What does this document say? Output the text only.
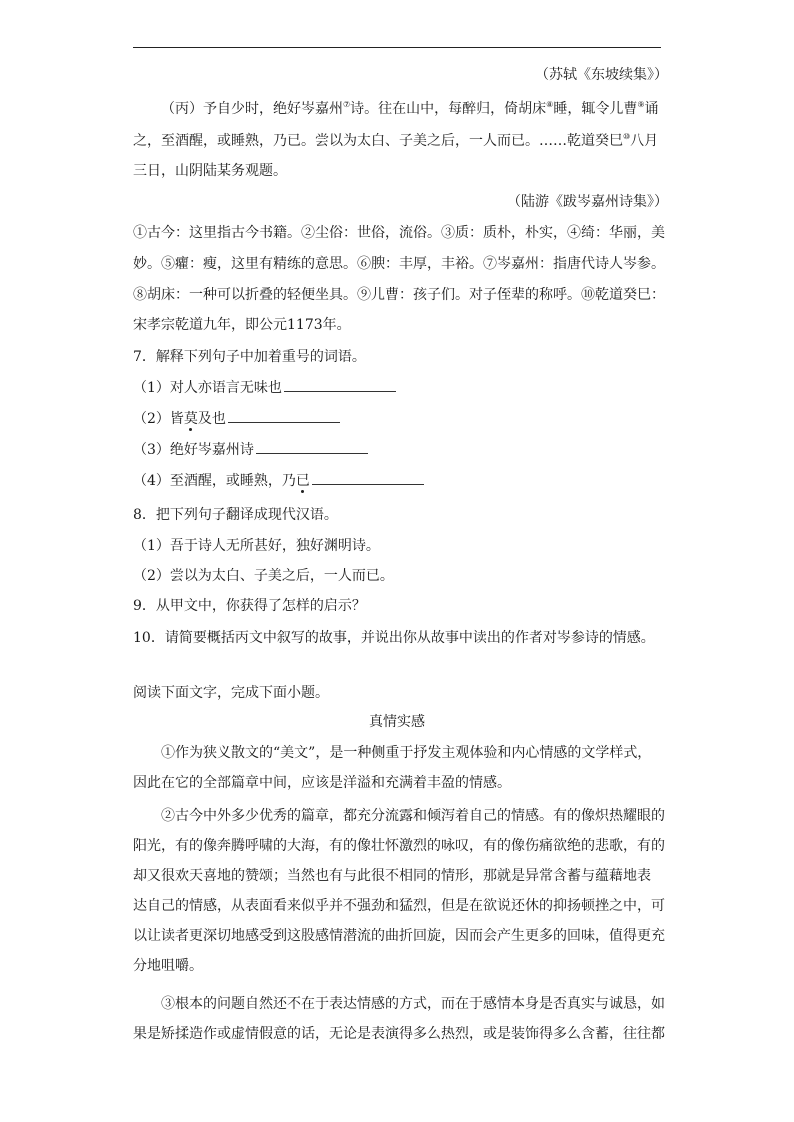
（苏轼《东坡续集》）
（丙）予自少时，绝好岑嘉州⑦诗。往在山中，每醉归，倚胡床⑧睡，辄令儿曹⑨诵
之，至酒醒，或睡熟，乃已。尝以为太白、子美之后，一人而已。……乾道癸巳⑩八月
三日，山阴陆某务观题。
（陆游《跋岑嘉州诗集》）
①古今：这里指古今书籍。②尘俗：世俗，流俗。③质：质朴，朴实，④绮：华丽，美
妙。⑤癯：瘦，这里有精练的意思。⑥腴：丰厚，丰裕。⑦岑嘉州：指唐代诗人岑参。
⑧胡床：一种可以折叠的轻便坐具。⑨儿曹：孩子们。对子侄辈的称呼。⑩乾道癸巳：
宋孝宗乾道九年，即公元1173年。
7．解释下列句子中加着重号的词语。
（1）对人亦语言无味也
（2）皆莫及也
（3）绝好岑嘉州诗
（4）至酒醒，或睡熟，乃已
8．把下列句子翻译成现代汉语。
（1）吾于诗人无所甚好，独好渊明诗。
（2）尝以为太白、子美之后，一人而已。
9．从甲文中，你获得了怎样的启示？
10．请简要概括丙文中叙写的故事，并说出你从故事中读出的作者对岑参诗的情感。
阅读下面文字，完成下面小题。
真情实感
①作为狭义散文的“美文”，是一种侧重于抒发主观体验和内心情感的文学样式，
因此在它的全部篇章中间，应该是洋溢和充满着丰盈的情感。
②古今中外多少优秀的篇章，都充分流露和倾泻着自己的情感。有的像炽热耀眼的
阳光，有的像奔腾呼啸的大海，有的像壮怀激烈的咏叹，有的像伤痛欲绝的悲歌，有的
却又很欢天喜地的赞颂；当然也有与此很不相同的情形，那就是异常含蓄与蕴藉地表
达自己的情感，从表面看来似乎并不强劲和猛烈，但是在欲说还休的抑扬顿挫之中，可
以让读者更深切地感受到这股感情潜流的曲折回旋，因而会产生更多的回味，值得更充
分地咀嚼。
③根本的问题自然还不在于表达情感的方式，而在于感情本身是否真实与诚恳，如
果是矫揉造作或虚情假意的话，无论是表演得多么热烈，或是装饰得多么含蓄，往往都
